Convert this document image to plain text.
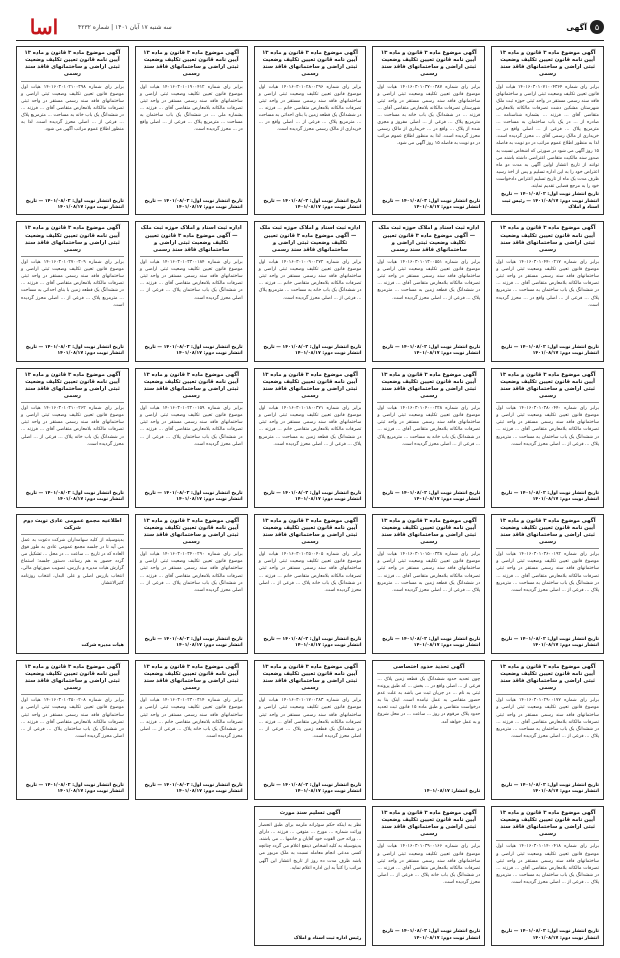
۵
آگهی
سه شنبه ۱۷ آبان ۱۴۰۱ | شماره ۴۲۳۲
اسا
آگهی موضوع ماده ۳ قانون و ماده ۱۳ آیین نامه قانون تعیین تکلیف وضعیت ثبتی اراضی و ساختمانهای فاقد سند رسمی
برابر رای شماره ۱۴۰۱۶۰۳۰۱۰۷۱۰۰۴۳۶۴ هیات اول قانون تعیین تکلیف وضعیت ثبتی اراضی و ساختمانهای فاقد سند رسمی مستقر در واحد ثبتی حوزه ثبت ملک شهرستان مشکین دشت تصرفات مالکانه بلامعارض متقاضی آقای ... فرزند ... بشماره شناسنامه ... صادره از ... در یک باب ساختمان به مساحت ... مترمربع پلاک ... فرعی از ... اصلی واقع در ... خریداری از مالک رسمی آقای ... محرز گردیده است. لذا به منظور اطلاع عموم مراتب در دو نوبت به فاصله ۱۵ روز آگهی می شود در صورتی که اشخاص نسبت به صدور سند مالکیت متقاضی اعتراضی داشته باشند می توانند از تاریخ انتشار اولین آگهی به مدت دو ماه اعتراض خود را به این اداره تسلیم و پس از اخذ رسید ظرف مدت یک ماه از تاریخ تسلیم اعتراض دادخواست خود را به مرجع قضایی تقدیم نمایند.
تاریخ انتشار نوبت اول: ۱۴۰۱/۰۸/۰۲ — تاریخ انتشار نوبت دوم: ۱۴۰۱/۰۸/۱۷ — رئیس ثبت اسناد و املاک
آگهی موضوع ماده ۳ قانون و ماده ۱۳ آیین نامه قانون تعیین تکلیف وضعیت ثبتی اراضی و ساختمانهای فاقد سند رسمی
برابر رای شماره ۱۴۰۱۶۰۳۰۱۰۳۷۰۰۳۸۷ هیات اول موضوع قانون تعیین تکلیف وضعیت ثبتی اراضی و ساختمانهای فاقد سند رسمی مستقر در واحد ثبتی شهرستان تصرفات مالکانه بلامعارض متقاضی آقای ... فرزند ... در ششدانگ یک باب خانه به مساحت ... مترمربع پلاک ... فرعی از ... اصلی مفروز و مجزی شده از پلاک ... واقع در ... خریداری از مالک رسمی محرز گردیده است. لذا به منظور اطلاع عموم مراتب در دو نوبت به فاصله ۱۵ روز آگهی می شود.
تاریخ انتشار نوبت اول: ۱۴۰۱/۰۸/۰۳ — تاریخ انتشار نوبت دوم: ۱۴۰۱/۰۸/۱۷
آگهی موضوع ماده ۳ قانون و ماده ۱۳ آیین نامه قانون تعیین تکلیف وضعیت ثبتی اراضی و ساختمانهای فاقد سند رسمی
برابر رای شماره ۱۴۰۱۶۰۳۰۱۰۲۸۰۰۲۹۶ هیات اول موضوع قانون تعیین تکلیف وضعیت ثبتی اراضی و ساختمانهای فاقد سند رسمی مستقر در واحد ثبتی تصرفات مالکانه بلامعارض متقاضی خانم ... فرزند ... در ششدانگ یک قطعه زمین با بنای احداثی به مساحت ... مترمربع پلاک ... فرعی از ... اصلی واقع در ... خریداری از مالک رسمی محرز گردیده است.
تاریخ انتشار نوبت اول: ۱۴۰۱/۰۸/۰۲ — تاریخ انتشار نوبت دوم: ۱۴۰۱/۰۸/۱۷
آگهی موضوع ماده ۳ قانون و ماده ۱۳ آیین نامه قانون تعیین تکلیف وضعیت ثبتی اراضی و ساختمانهای فاقد سند رسمی
برابر رای شماره ۱۴۰۱۶۰۳۰۱۰۱۹۰۰۴۱۲ هیات اول موضوع قانون تعیین تکلیف وضعیت ثبتی اراضی و ساختمانهای فاقد سند رسمی مستقر در واحد ثبتی تصرفات مالکانه بلامعارض متقاضی آقای ... فرزند ... بشماره ملی ... در ششدانگ یک باب ساختمان به مساحت ... مترمربع پلاک ... فرعی از ... اصلی واقع در ... محرز گردیده است.
تاریخ انتشار نوبت اول: ۱۴۰۱/۰۸/۰۲ — تاریخ انتشار نوبت دوم: ۱۴۰۱/۰۸/۱۷
آگهی موضوع ماده ۳ قانون و ماده ۱۳ آیین نامه قانون تعیین تکلیف وضعیت ثبتی اراضی و ساختمانهای فاقد سند رسمی
برابر رای شماره ۱۴۰۱۶۰۳۰۱۰۲۱۰۰۳۹۸ هیات اول موضوع قانون تعیین تکلیف وضعیت ثبتی اراضی و ساختمانهای فاقد سند رسمی مستقر در واحد ثبتی تصرفات مالکانه بلامعارض متقاضی آقای ... فرزند ... در ششدانگ یک باب خانه به مساحت ... مترمربع پلاک ... فرعی از ... اصلی محرز گردیده است. لذا به منظور اطلاع عموم مراتب آگهی می شود.
تاریخ انتشار نوبت اول: ۱۴۰۱/۰۸/۰۲ — تاریخ انتشار نوبت دوم: ۱۴۰۱/۰۸/۱۷
آگهی موضوع ماده ۳ قانون و ماده ۱۳ آیین نامه قانون تعیین تکلیف وضعیت ثبتی اراضی و ساختمانهای فاقد سند رسمی
برابر رای شماره ۱۴۰۱۶۰۳۰۱۰۴۴۰۰۲۱۷ هیات اول موضوع قانون تعیین تکلیف وضعیت ثبتی اراضی و ساختمانهای فاقد سند رسمی مستقر در واحد ثبتی تصرفات مالکانه بلامعارض متقاضی آقای ... فرزند ... در ششدانگ یک باب ساختمان به مساحت ... مترمربع پلاک ... فرعی از ... اصلی واقع در ... محرز گردیده است.
تاریخ انتشار نوبت اول: ۱۴۰۱/۰۸/۰۲ — تاریخ انتشار نوبت دوم: ۱۴۰۱/۰۸/۱۷
اداره ثبت اسناد و املاک حوزه ثبت ملک — آگهی موضوع ماده ۳ قانون تعیین تکلیف وضعیت ثبتی اراضی و ساختمانهای فاقد سند رسمی
برابر رای شماره ۱۴۰۱۶۰۳۰۱۰۱۳۰۰۵۵۱ هیات اول موضوع قانون تعیین تکلیف وضعیت ثبتی اراضی و ساختمانهای فاقد سند رسمی مستقر در واحد ثبتی تصرفات مالکانه بلامعارض متقاضی آقای ... فرزند ... در ششدانگ یک قطعه زمین به مساحت ... مترمربع پلاک ... فرعی از ... اصلی محرز گردیده است.
تاریخ انتشار نوبت اول: ۱۴۰۱/۰۸/۰۲ — تاریخ انتشار نوبت دوم: ۱۴۰۱/۰۸/۱۷
اداره ثبت اسناد و املاک حوزه ثبت ملک — آگهی موضوع ماده ۳ قانون تعیین تکلیف وضعیت ثبتی اراضی و ساختمانهای فاقد سند رسمی
برابر رای شماره ۱۴۰۱۶۰۳۰۱۰۰۹۰۰۲۷۲ هیات اول موضوع قانون تعیین تکلیف وضعیت ثبتی اراضی و ساختمانهای فاقد سند رسمی مستقر در واحد ثبتی تصرفات مالکانه بلامعارض متقاضی خانم ... فرزند ... در ششدانگ یک باب خانه به مساحت ... مترمربع پلاک ... فرعی از ... اصلی محرز گردیده است.
تاریخ انتشار نوبت اول: ۱۴۰۱/۰۸/۰۲ — تاریخ انتشار نوبت دوم: ۱۴۰۱/۰۸/۱۷
اداره ثبت اسناد و املاک حوزه ثبت ملک — آگهی موضوع ماده ۳ قانون تعیین تکلیف وضعیت ثبتی اراضی و ساختمانهای فاقد سند رسمی
برابر رای شماره ۱۴۰۱۶۰۳۰۱۰۳۳۰۰۱۸۴ هیات اول موضوع قانون تعیین تکلیف وضعیت ثبتی اراضی و ساختمانهای فاقد سند رسمی مستقر در واحد ثبتی تصرفات مالکانه بلامعارض متقاضی آقای ... فرزند ... در ششدانگ یک باب ساختمان پلاک ... فرعی از ... اصلی محرز گردیده است.
تاریخ انتشار نوبت اول: ۱۴۰۱/۰۸/۰۲ — تاریخ انتشار نوبت دوم: ۱۴۰۱/۰۸/۱۷
آگهی موضوع ماده ۳ قانون و ماده ۱۳ آیین نامه قانون تعیین تکلیف وضعیت ثبتی اراضی و ساختمانهای فاقد سند رسمی
برابر رای شماره ۱۴۰۱۶۰۳۰۱۰۲۷۰۰۳۰۹ هیات اول موضوع قانون تعیین تکلیف وضعیت ثبتی اراضی و ساختمانهای فاقد سند رسمی مستقر در واحد ثبتی تصرفات مالکانه بلامعارض متقاضی آقای ... فرزند ... در ششدانگ یک قطعه زمین با بنای احداثی به مساحت ... مترمربع پلاک ... فرعی از ... اصلی محرز گردیده است.
تاریخ انتشار نوبت اول: ۱۴۰۱/۰۸/۰۲ — تاریخ انتشار نوبت دوم: ۱۴۰۱/۰۸/۱۷
آگهی موضوع ماده ۳ قانون و ماده ۱۳ آیین نامه قانون تعیین تکلیف وضعیت ثبتی اراضی و ساختمانهای فاقد سند رسمی
برابر رای شماره ۱۴۰۱۶۰۳۰۱۰۳۸۰۰۴۴۰ هیات اول موضوع قانون تعیین تکلیف وضعیت ثبتی اراضی و ساختمانهای فاقد سند رسمی مستقر در واحد ثبتی تصرفات مالکانه بلامعارض متقاضی آقای ... فرزند ... در ششدانگ یک باب ساختمان به مساحت ... مترمربع پلاک ... فرعی از ... اصلی محرز گردیده است.
تاریخ انتشار نوبت اول: ۱۴۰۱/۰۸/۰۲ — تاریخ انتشار نوبت دوم: ۱۴۰۱/۰۸/۱۷
آگهی موضوع ماده ۳ قانون و ماده ۱۳ آیین نامه قانون تعیین تکلیف وضعیت ثبتی اراضی و ساختمانهای فاقد سند رسمی
برابر رای شماره ۱۴۰۱۶۰۳۰۱۰۴۰۰۰۲۲۸ هیات اول موضوع قانون تعیین تکلیف وضعیت ثبتی اراضی و ساختمانهای فاقد سند رسمی مستقر در واحد ثبتی تصرفات مالکانه بلامعارض متقاضی آقای ... فرزند ... در ششدانگ یک باب خانه به مساحت ... مترمربع پلاک ... فرعی از ... اصلی محرز گردیده است.
تاریخ انتشار نوبت اول: ۱۴۰۱/۰۸/۰۲ — تاریخ انتشار نوبت دوم: ۱۴۰۱/۰۸/۱۷
آگهی موضوع ماده ۳ قانون و ماده ۱۳ آیین نامه قانون تعیین تکلیف وضعیت ثبتی اراضی و ساختمانهای فاقد سند رسمی
برابر رای شماره ۱۴۰۱۶۰۳۰۱۰۱۸۰۰۳۷۱ هیات اول موضوع قانون تعیین تکلیف وضعیت ثبتی اراضی و ساختمانهای فاقد سند رسمی مستقر در واحد ثبتی تصرفات مالکانه بلامعارض متقاضی خانم ... فرزند ... در ششدانگ یک قطعه زمین به مساحت ... مترمربع پلاک ... فرعی از ... اصلی محرز گردیده است.
تاریخ انتشار نوبت اول: ۱۴۰۱/۰۸/۰۲ — تاریخ انتشار نوبت دوم: ۱۴۰۱/۰۸/۱۷
آگهی موضوع ماده ۳ قانون و ماده ۱۳ آیین نامه قانون تعیین تکلیف وضعیت ثبتی اراضی و ساختمانهای فاقد سند رسمی
برابر رای شماره ۱۴۰۱۶۰۳۰۱۰۲۲۰۰۱۵۹ هیات اول موضوع قانون تعیین تکلیف وضعیت ثبتی اراضی و ساختمانهای فاقد سند رسمی مستقر در واحد ثبتی تصرفات مالکانه بلامعارض متقاضی آقای ... فرزند ... در ششدانگ یک باب ساختمان پلاک ... فرعی از ... اصلی محرز گردیده است.
تاریخ انتشار نوبت اول: ۱۴۰۱/۰۸/۰۲ — تاریخ انتشار نوبت دوم: ۱۴۰۱/۰۸/۱۷
آگهی موضوع ماده ۳ قانون و ماده ۱۳ آیین نامه قانون تعیین تکلیف وضعیت ثبتی اراضی و ساختمانهای فاقد سند رسمی
برابر رای شماره ۱۴۰۱۶۰۳۰۱۰۳۱۰۰۲۶۲ هیات اول موضوع قانون تعیین تکلیف وضعیت ثبتی اراضی و ساختمانهای فاقد سند رسمی مستقر در واحد ثبتی تصرفات مالکانه بلامعارض متقاضی آقای ... فرزند ... در ششدانگ یک باب خانه پلاک ... فرعی از ... اصلی محرز گردیده است.
تاریخ انتشار نوبت اول: ۱۴۰۱/۰۸/۰۲ — تاریخ انتشار نوبت دوم: ۱۴۰۱/۰۸/۱۷
آگهی موضوع ماده ۳ قانون و ماده ۱۳ آیین نامه قانون تعیین تکلیف وضعیت ثبتی اراضی و ساختمانهای فاقد سند رسمی
برابر رای شماره ۱۴۰۱۶۰۳۰۱۰۳۶۰۰۱۹۲ هیات اول موضوع قانون تعیین تکلیف وضعیت ثبتی اراضی و ساختمانهای فاقد سند رسمی مستقر در واحد ثبتی تصرفات مالکانه بلامعارض متقاضی آقای ... فرزند ... در ششدانگ یک باب ساختمان به مساحت ... مترمربع پلاک ... فرعی از ... اصلی محرز گردیده است.
تاریخ انتشار نوبت اول: ۱۴۰۱/۰۸/۰۲ — تاریخ انتشار نوبت دوم: ۱۴۰۱/۰۸/۱۷
آگهی موضوع ماده ۳ قانون و ماده ۱۳ آیین نامه قانون تعیین تکلیف وضعیت ثبتی اراضی و ساختمانهای فاقد سند رسمی
برابر رای شماره ۱۴۰۱۶۰۳۰۱۰۱۵۰۰۳۳۸ هیات اول موضوع قانون تعیین تکلیف وضعیت ثبتی اراضی و ساختمانهای فاقد سند رسمی مستقر در واحد ثبتی تصرفات مالکانه بلامعارض متقاضی آقای ... فرزند ... در ششدانگ یک قطعه زمین به مساحت ... مترمربع پلاک ... فرعی از ... اصلی محرز گردیده است.
تاریخ انتشار نوبت اول: ۱۴۰۱/۰۸/۰۲ — تاریخ انتشار نوبت دوم: ۱۴۰۱/۰۸/۱۷
آگهی موضوع ماده ۳ قانون و ماده ۱۳ آیین نامه قانون تعیین تکلیف وضعیت ثبتی اراضی و ساختمانهای فاقد سند رسمی
برابر رای شماره ۱۴۰۱۶۰۳۰۱۰۲۵۰۰۴۰۵ هیات اول موضوع قانون تعیین تکلیف وضعیت ثبتی اراضی و ساختمانهای فاقد سند رسمی مستقر در واحد ثبتی تصرفات مالکانه بلامعارض متقاضی خانم ... فرزند ... در ششدانگ یک باب خانه پلاک ... فرعی از ... اصلی محرز گردیده است.
تاریخ انتشار نوبت اول: ۱۴۰۱/۰۸/۰۲ — تاریخ انتشار نوبت دوم: ۱۴۰۱/۰۸/۱۷
آگهی موضوع ماده ۳ قانون و ماده ۱۳ آیین نامه قانون تعیین تکلیف وضعیت ثبتی اراضی و ساختمانهای فاقد سند رسمی
برابر رای شماره ۱۴۰۱۶۰۳۰۱۰۳۴۰۰۲۹۰ هیات اول موضوع قانون تعیین تکلیف وضعیت ثبتی اراضی و ساختمانهای فاقد سند رسمی مستقر در واحد ثبتی تصرفات مالکانه بلامعارض متقاضی آقای ... فرزند ... در ششدانگ یک باب ساختمان پلاک ... فرعی از ... اصلی محرز گردیده است.
تاریخ انتشار نوبت اول: ۱۴۰۱/۰۸/۰۲ — تاریخ انتشار نوبت دوم: ۱۴۰۱/۰۸/۱۷
اطلاعیه مجمع عمومی عادی نوبت دوم شرکت
بدینوسیله از کلیه سهامداران شرکت دعوت به عمل می آید تا در جلسه مجمع عمومی عادی به طور فوق العاده که در تاریخ ... ساعت ... در محل ... تشکیل می گردد حضور به هم رسانند. دستور جلسه: استماع گزارش هیات مدیره و بازرس، تصویب صورتهای مالی، انتخاب بازرس اصلی و علی البدل، انتخاب روزنامه کثیرالانتشار.
هیات مدیره شرکت
آگهی موضوع ماده ۳ قانون و ماده ۱۳ آیین نامه قانون تعیین تکلیف وضعیت ثبتی اراضی و ساختمانهای فاقد سند رسمی
برابر رای شماره ۱۴۰۱۶۰۳۰۱۰۲۹۰۰۱۷۷ هیات اول موضوع قانون تعیین تکلیف وضعیت ثبتی اراضی و ساختمانهای فاقد سند رسمی مستقر در واحد ثبتی تصرفات مالکانه بلامعارض متقاضی آقای ... فرزند ... در ششدانگ یک باب ساختمان به مساحت ... مترمربع پلاک ... فرعی از ... اصلی محرز گردیده است.
تاریخ انتشار نوبت اول: ۱۴۰۱/۰۸/۰۲ — تاریخ انتشار نوبت دوم: ۱۴۰۱/۰۸/۱۷
آگهی تحدید حدود اختصاصی
چون تحدید حدود ششدانگ یک قطعه زمین پلاک ... فرعی از ... اصلی واقع در ... بخش ... که طبق پرونده ثبتی به نام ... در جریان ثبت می باشد به علت عدم حضور متقاضی به عمل نیامده است. اینک بنا به درخواست متقاضی و طبق ماده ۱۵ قانون ثبت تحدید حدود پلاک مرقوم در روز ... ساعت ... در محل شروع و به عمل خواهد آمد.
تاریخ انتشار: ۱۴۰۱/۰۸/۱۷
آگهی موضوع ماده ۳ قانون و ماده ۱۳ آیین نامه قانون تعیین تکلیف وضعیت ثبتی اراضی و ساختمانهای فاقد سند رسمی
برابر رای شماره ۱۴۰۱۶۰۳۰۱۰۱۷۰۰۲۸۳ هیات اول موضوع قانون تعیین تکلیف وضعیت ثبتی اراضی و ساختمانهای فاقد سند رسمی مستقر در واحد ثبتی تصرفات مالکانه بلامعارض متقاضی آقای ... فرزند ... در ششدانگ یک قطعه زمین پلاک ... فرعی از ... اصلی محرز گردیده است.
تاریخ انتشار نوبت اول: ۱۴۰۱/۰۸/۰۲ — تاریخ انتشار نوبت دوم: ۱۴۰۱/۰۸/۱۷
آگهی موضوع ماده ۳ قانون و ماده ۱۳ آیین نامه قانون تعیین تکلیف وضعیت ثبتی اراضی و ساختمانهای فاقد سند رسمی
برابر رای شماره ۱۴۰۱۶۰۳۰۱۰۲۳۰۰۳۱۴ هیات اول موضوع قانون تعیین تکلیف وضعیت ثبتی اراضی و ساختمانهای فاقد سند رسمی مستقر در واحد ثبتی تصرفات مالکانه بلامعارض متقاضی خانم ... فرزند ... در ششدانگ یک باب خانه پلاک ... فرعی از ... اصلی محرز گردیده است.
تاریخ انتشار نوبت اول: ۱۴۰۱/۰۸/۰۲ — تاریخ انتشار نوبت دوم: ۱۴۰۱/۰۸/۱۷
آگهی موضوع ماده ۳ قانون و ماده ۱۳ آیین نامه قانون تعیین تکلیف وضعیت ثبتی اراضی و ساختمانهای فاقد سند رسمی
برابر رای شماره ۱۴۰۱۶۰۳۰۱۰۳۵۰۰۲۰۸ هیات اول موضوع قانون تعیین تکلیف وضعیت ثبتی اراضی و ساختمانهای فاقد سند رسمی مستقر در واحد ثبتی تصرفات مالکانه بلامعارض متقاضی آقای ... فرزند ... در ششدانگ یک باب ساختمان پلاک ... فرعی از ... اصلی محرز گردیده است.
تاریخ انتشار نوبت اول: ۱۴۰۱/۰۸/۰۲ — تاریخ انتشار نوبت دوم: ۱۴۰۱/۰۸/۱۷
آگهی موضوع ماده ۳ قانون و ماده ۱۳ آیین نامه قانون تعیین تکلیف وضعیت ثبتی اراضی و ساختمانهای فاقد سند رسمی
برابر رای شماره ۱۴۰۱۶۰۳۰۱۰۱۴۰۰۴۱۸ هیات اول موضوع قانون تعیین تکلیف وضعیت ثبتی اراضی و ساختمانهای فاقد سند رسمی مستقر در واحد ثبتی تصرفات مالکانه بلامعارض متقاضی آقای ... فرزند ... در ششدانگ یک باب ساختمان به مساحت ... مترمربع پلاک ... فرعی از ... اصلی محرز گردیده است.
تاریخ انتشار نوبت اول: ۱۴۰۱/۰۸/۰۲ — تاریخ انتشار نوبت دوم: ۱۴۰۱/۰۸/۱۷
آگهی موضوع ماده ۳ قانون و ماده ۱۳ آیین نامه قانون تعیین تکلیف وضعیت ثبتی اراضی و ساختمانهای فاقد سند رسمی
برابر رای شماره ۱۴۰۱۶۰۳۰۱۰۳۹۰۰۱۶۶ هیات اول موضوع قانون تعیین تکلیف وضعیت ثبتی اراضی و ساختمانهای فاقد سند رسمی مستقر در واحد ثبتی تصرفات مالکانه بلامعارض متقاضی آقای ... فرزند ... در ششدانگ یک باب خانه پلاک ... فرعی از ... اصلی محرز گردیده است.
تاریخ انتشار نوبت اول: ۱۴۰۱/۰۸/۰۲ — تاریخ انتشار نوبت دوم: ۱۴۰۱/۰۸/۱۷
آگهی تسلیم سند مورث
نظر به اینکه حکم سوئرانه ملزمه برای طبق انحصار وراثت شماره ... مورخ ... متوفی ... فرزند ... دارای ... وراثه حین الفوت خود آقایان و خانمها ... می باشند. بدینوسیله به کلیه اشخاص ذینفع اعلام می گردد چنانچه کسی مدعی انجام معامله نسبت به ملک مزبور می باشد ظرف مدت ده روز از تاریخ انتشار این آگهی مراتب را کتباً به این اداره اعلام نماید.
رئیس اداره ثبت اسناد و املاک
